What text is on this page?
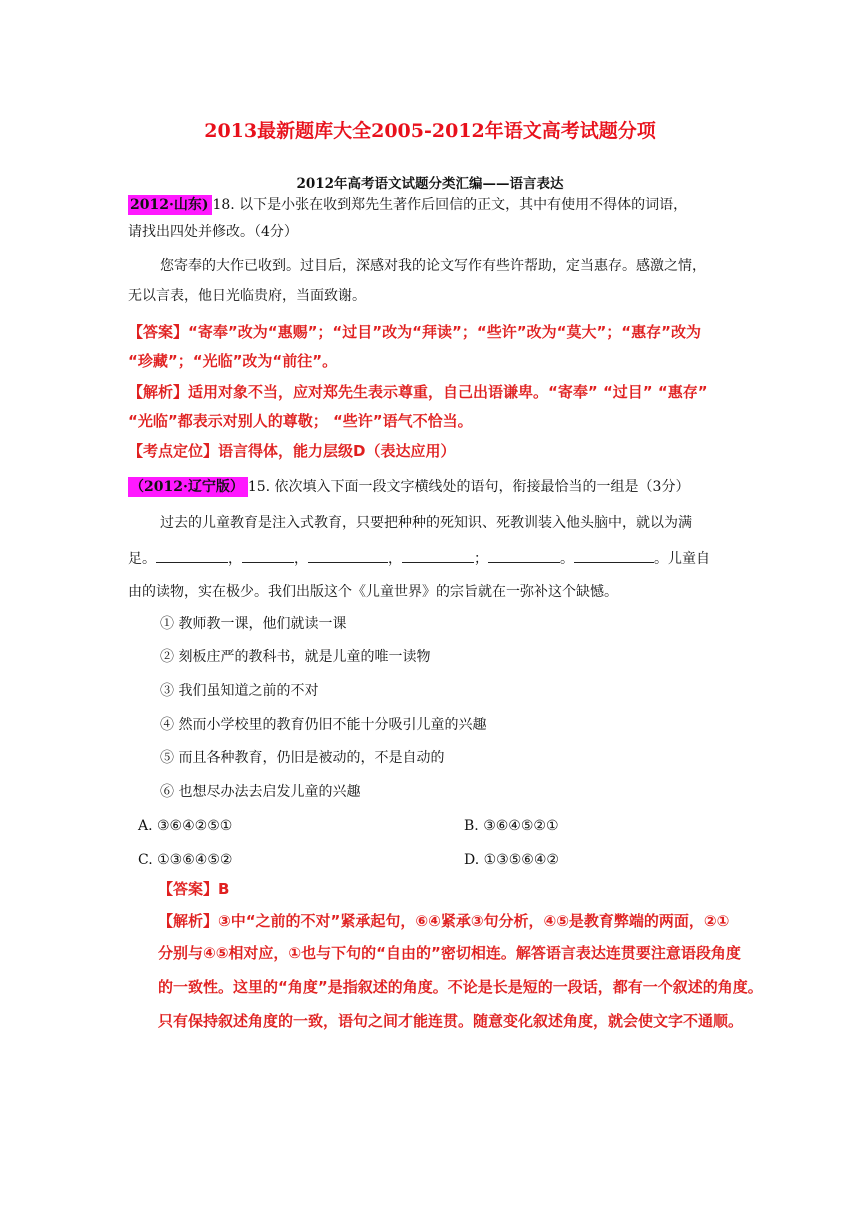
2013最新题库大全2005-2012年语文高考试题分项
2012年高考语文试题分类汇编——语言表达
2012·山东) 18. 以下是小张在收到郑先生著作后回信的正文，其中有使用不得体的词语，
请找出四处并修改。（4分）
您寄奉的大作已收到。过目后，深感对我的论文写作有些许帮助，定当惠存。感激之情，
无以言表，他日光临贵府，当面致谢。
【答案】“寄奉”改为“惠赐”；“过目”改为“拜读”；“些许”改为“莫大”；“惠存”改为
“珍藏”；“光临”改为“前往”。
【解析】适用对象不当，应对郑先生表示尊重，自己出语谦卑。“寄奉” “过目” “惠存”
“光临”都表示对别人的尊敬； “些许”语气不恰当。
【考点定位】语言得体，能力层级D（表达应用）
（2012·辽宁版） 15. 依次填入下面一段文字横线处的语句，衔接最恰当的一组是（3分）
过去的儿童教育是注入式教育，只要把种种的死知识、死教训装入他头脑中，就以为满
足。	，	，	，	；	。	。儿童自
由的读物，实在极少。我们出版这个《儿童世界》的宗旨就在一弥补这个缺憾。
① 教师教一课，他们就读一课
② 刻板庄严的教科书，就是儿童的唯一读物
③ 我们虽知道之前的不对
④ 然而小学校里的教育仍旧不能十分吸引儿童的兴趣
⑤ 而且各种教育，仍旧是被动的，不是自动的
⑥ 也想尽办法去启发儿童的兴趣
A. ③⑥④②⑤①	B. ③⑥④⑤②①
C. ①③⑥④⑤②	D. ①③⑤⑥④②
【答案】B
【解析】③中“之前的不对”紧承起句，⑥④紧承③句分析，④⑤是教育弊端的两面，②①
分别与④⑤相对应，①也与下句的“自由的”密切相连。解答语言表达连贯要注意语段角度
的一致性。这里的“角度”是指叙述的角度。不论是长是短的一段话，都有一个叙述的角度。
只有保持叙述角度的一致，语句之间才能连贯。随意变化叙述角度，就会使文字不通顺。
